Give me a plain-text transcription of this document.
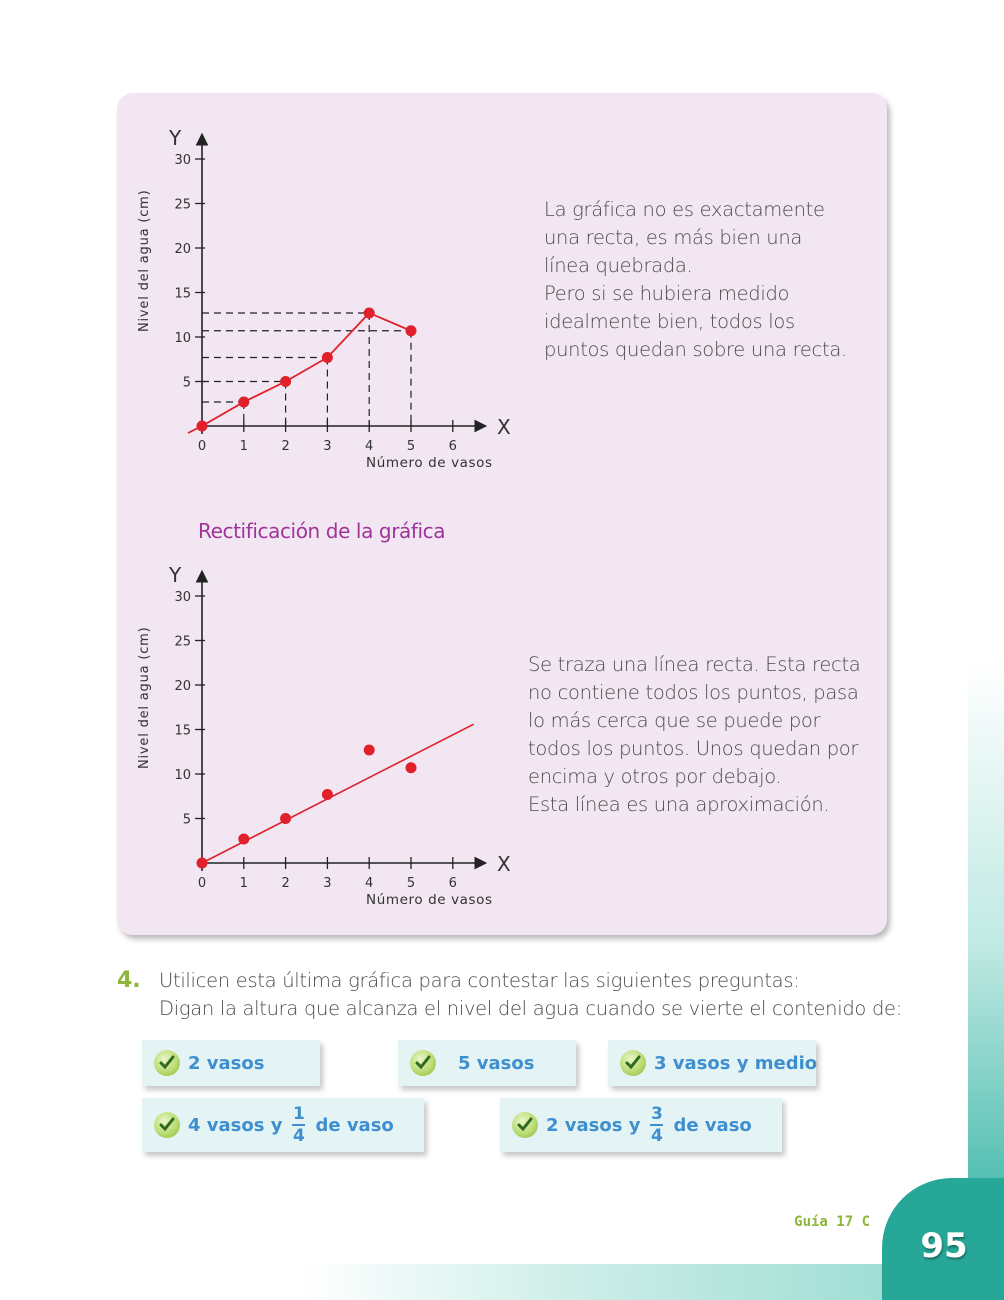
Nivel del agua (cm)
Y
X
Número de vasos
5
10
15
20
25
30
0	1	2	3	4	5	6
Nivel del agua (cm)
Y
X
Número de vasos
5
10
15
20
25
30
0	1	2	3	4	5	6
La gráfica no es exactamente
una recta, es más bien una
línea quebrada.
Pero si se hubiera medido
idealmente bien, todos los
puntos quedan sobre una recta.
Rectificación de la gráfica
Se traza una línea recta. Esta recta
no contiene todos los puntos, pasa
lo más cerca que se puede por
todos los puntos. Unos quedan por
encima y otros por debajo.
Esta línea es una aproximación.
4. Utilicen esta última gráfica para contestar las siguientes preguntas:
Digan la altura que alcanza el nivel del agua cuando se vierte el contenido de:
2 vasos	5 vasos	3 vasos y medio
4 vasos y $\frac{1}{4}$ de vaso	2 vasos y $\frac{3}{4}$ de vaso
Guía 17 C
95
